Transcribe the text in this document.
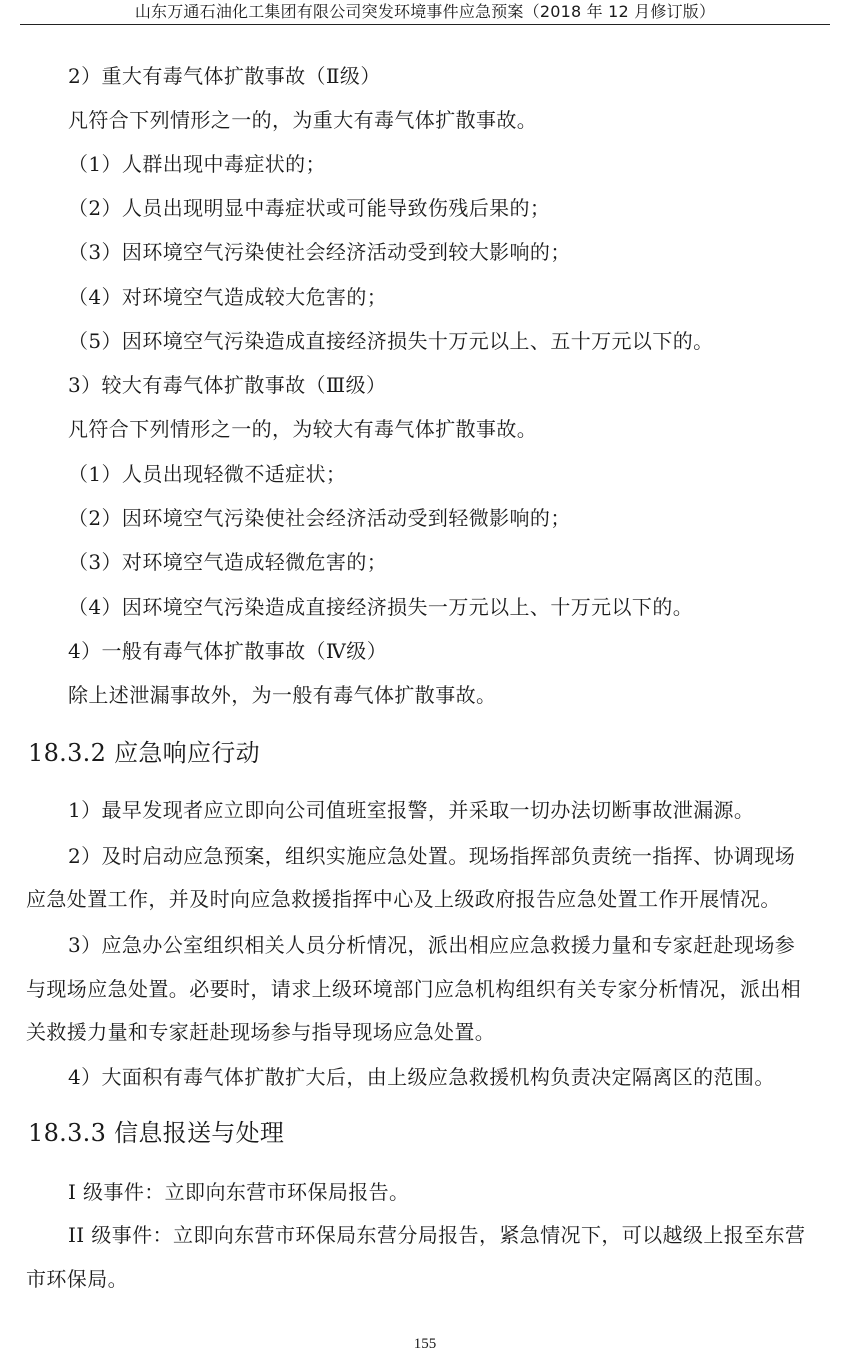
山东万通石油化工集团有限公司突发环境事件应急预案（2018 年 12 月修订版）
2）重大有毒气体扩散事故（Ⅱ级）
凡符合下列情形之一的，为重大有毒气体扩散事故。
（1）人群出现中毒症状的；
（2）人员出现明显中毒症状或可能导致伤残后果的；
（3）因环境空气污染使社会经济活动受到较大影响的；
（4）对环境空气造成较大危害的；
（5）因环境空气污染造成直接经济损失十万元以上、五十万元以下的。
3）较大有毒气体扩散事故（Ⅲ级）
凡符合下列情形之一的，为较大有毒气体扩散事故。
（1）人员出现轻微不适症状；
（2）因环境空气污染使社会经济活动受到轻微影响的；
（3）对环境空气造成轻微危害的；
（4）因环境空气污染造成直接经济损失一万元以上、十万元以下的。
4）一般有毒气体扩散事故（Ⅳ级）
除上述泄漏事故外，为一般有毒气体扩散事故。
18.3.2 应急响应行动
1）最早发现者应立即向公司值班室报警，并采取一切办法切断事故泄漏源。
2）及时启动应急预案，组织实施应急处置。现场指挥部负责统一指挥、协调现场
应急处置工作，并及时向应急救援指挥中心及上级政府报告应急处置工作开展情况。
3）应急办公室组织相关人员分析情况，派出相应应急救援力量和专家赶赴现场参
与现场应急处置。必要时，请求上级环境部门应急机构组织有关专家分析情况，派出相
关救援力量和专家赶赴现场参与指导现场应急处置。
4）大面积有毒气体扩散扩大后，由上级应急救援机构负责决定隔离区的范围。
18.3.3 信息报送与处理
I 级事件：立即向东营市环保局报告。
II 级事件：立即向东营市环保局东营分局报告，紧急情况下，可以越级上报至东营
市环保局。
155
